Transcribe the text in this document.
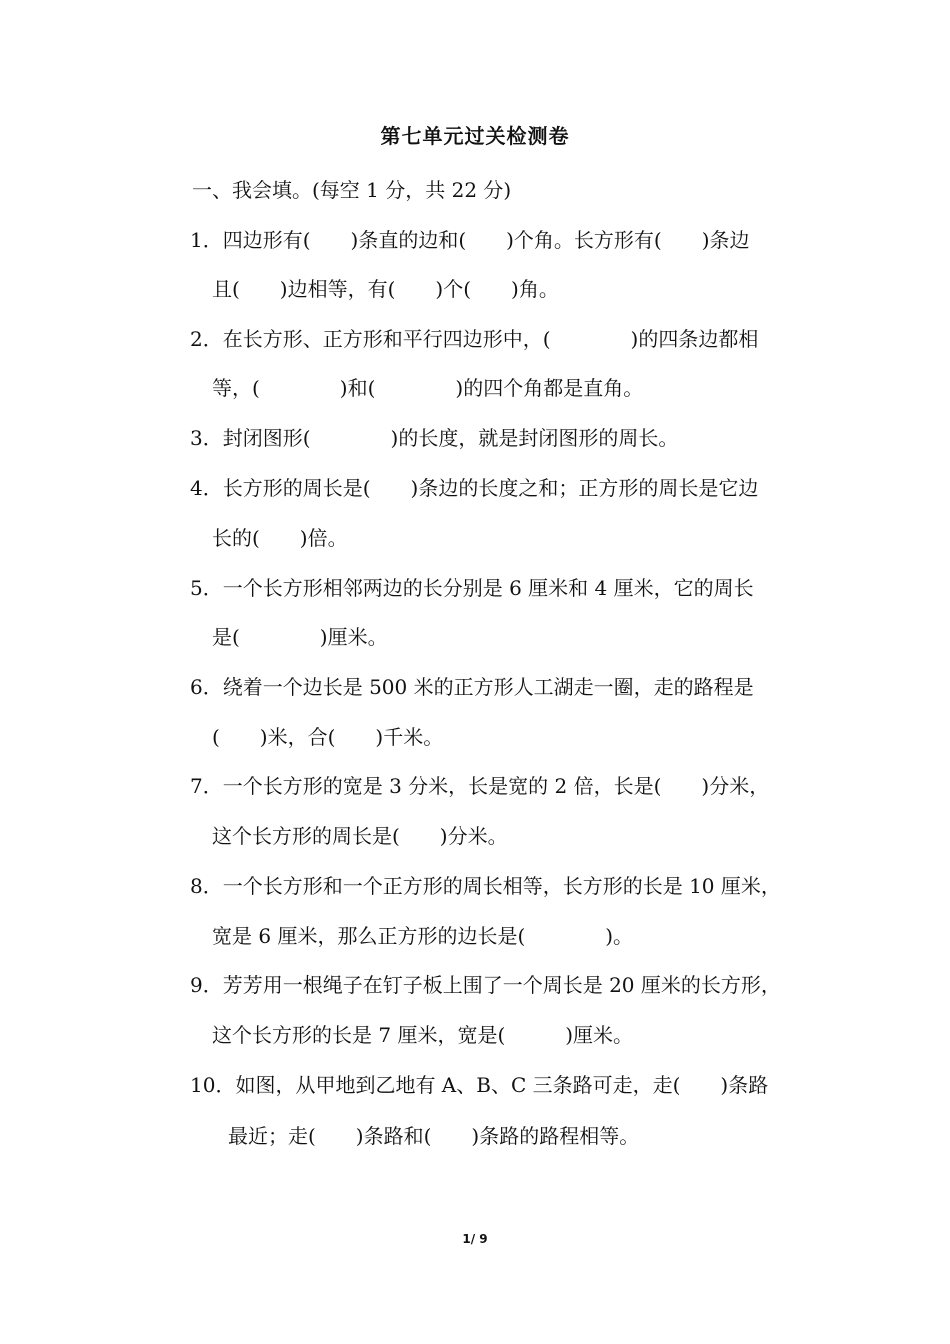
第七单元过关检测卷
一、我会填。(每空 1 分，共 22 分)
1．四边形有(　　)条直的边和(　　)个角。长方形有(　　)条边
且(　　)边相等，有(　　)个(　　)角。
2．在长方形、正方形和平行四边形中，(　　　　)的四条边都相
等，(　　　　)和(　　　　)的四个角都是直角。
3．封闭图形(　　　　)的长度，就是封闭图形的周长。
4．长方形的周长是(　　)条边的长度之和；正方形的周长是它边
长的(　　)倍。
5．一个长方形相邻两边的长分别是 6 厘米和 4 厘米，它的周长
是(　　　　)厘米。
6．绕着一个边长是 500 米的正方形人工湖走一圈，走的路程是
(　　)米，合(　　)千米。
7．一个长方形的宽是 3 分米，长是宽的 2 倍，长是(　　)分米，
这个长方形的周长是(　　)分米。
8．一个长方形和一个正方形的周长相等，长方形的长是 10 厘米，
宽是 6 厘米，那么正方形的边长是(　　　　)。
9．芳芳用一根绳子在钉子板上围了一个周长是 20 厘米的长方形，
这个长方形的长是 7 厘米，宽是(　　　)厘米。
10．如图，从甲地到乙地有 A、B、C 三条路可走，走(　　)条路
最近；走(　　)条路和(　　)条路的路程相等。
1/ 9
